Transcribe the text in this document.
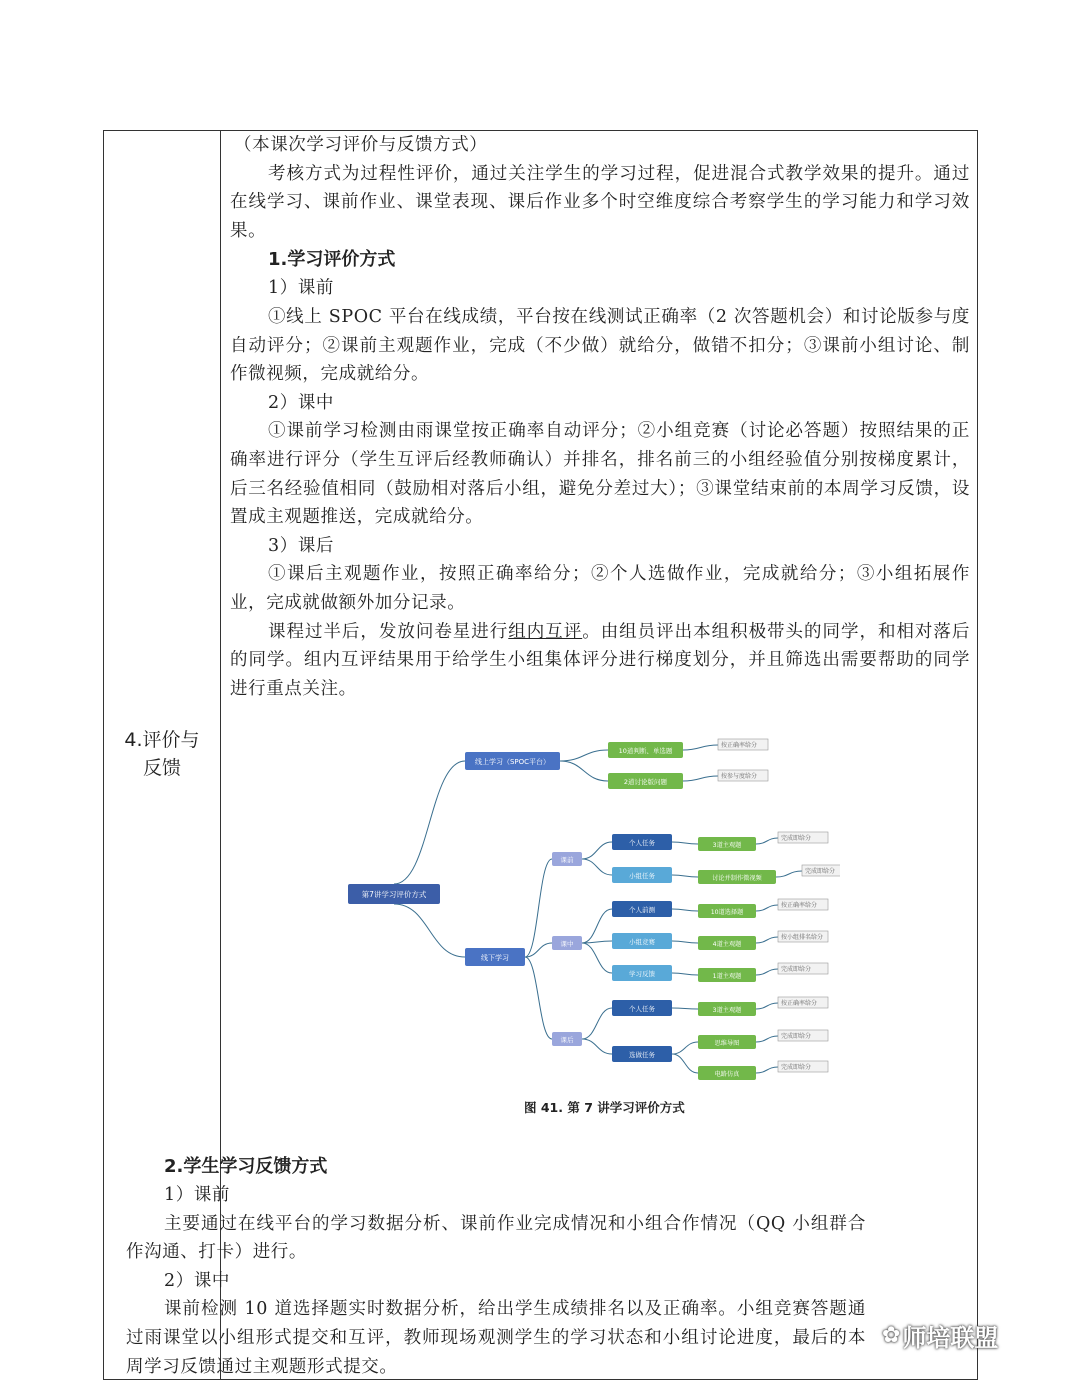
4.评价与
反馈

（本课次学习评价与反馈方式）

考核方式为过程性评价，通过关注学生的学习过程，促进混合式教学效果的提升。通过在线学习、课前作业、课堂表现、课后作业多个时空维度综合考察学生的学习能力和学习效果。

1.学习评价方式

1）课前

①线上 SPOC 平台在线成绩，平台按在线测试正确率（2 次答题机会）和讨论版参与度自动评分；②课前主观题作业，完成（不少做）就给分，做错不扣分；③课前小组讨论、制作微视频，完成就给分。

2）课中

①课前学习检测由雨课堂按正确率自动评分；②小组竞赛（讨论必答题）按照结果的正确率进行评分（学生互评后经教师确认）并排名，排名前三的小组经验值分别按梯度累计，后三名经验值相同（鼓励相对落后小组，避免分差过大）；③课堂结束前的本周学习反馈，设置成主观题推送，完成就给分。

3）课后

①课后主观题作业，按照正确率给分；②个人选做作业，完成就给分；③小组拓展作业，完成就做额外加分记录。

课程过半后，发放问卷星进行组内互评。由组员评出本组积极带头的同学，和相对落后的同学。组内互评结果用于给学生小组集体评分进行梯度划分，并且筛选出需要帮助的同学进行重点关注。

第7讲学习评价方式
线上学习（SPOC平台）
线下学习
10道判断、单选题
按正确率给分
2道讨论版问题
按参与度给分
课前
课中
课后
个人任务
小组任务
个人前测
小组竞赛
学习反馈
个人任务
选做任务
3道主观题
完成即给分
讨论并制作微视频
完成即给分
10道选择题
按正确率给分
4道主观题
按小组排名给分
1道主观题
完成即给分
3道主观题
按正确率给分
思维导图
完成即给分
电路仿真
完成即给分
图 41. 第 7 讲学习评价方式

2.学生学习反馈方式

1）课前

主要通过在线平台的学习数据分析、课前作业完成情况和小组合作情况（QQ 小组群合作沟通、打卡）进行。

2）课中

课前检测 10 道选择题实时数据分析，给出学生成绩排名以及正确率。小组竞赛答题通过雨课堂以小组形式提交和互评，教师现场观测学生的学习状态和小组讨论进度，最后的本周学习反馈通过主观题形式提交。

✿ 师培联盟
